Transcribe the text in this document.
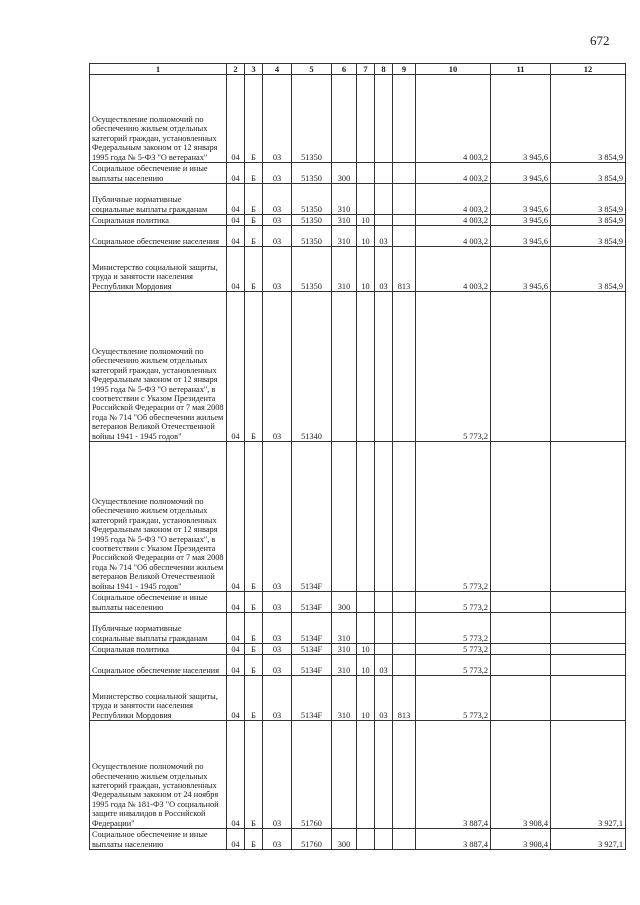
672
1	2	3	4	5	6	7	8	9	10	11	12
Осуществление полномочий по обеспечению жильем отдельных категорий граждан, установленных Федеральным законом от 12 января 1995 года № 5-ФЗ "О ветеранах"	04	Б	03	51350					4 003,2	3 945,6	3 854,9
Социальное обеспечение и иные выплаты населению	04	Б	03	51350	300				4 003,2	3 945,6	3 854,9
Публичные нормативные социальные выплаты гражданам	04	Б	03	51350	310				4 003,2	3 945,6	3 854,9
Социальная политика	04	Б	03	51350	310	10			4 003,2	3 945,6	3 854,9
Социальное обеспечение населения	04	Б	03	51350	310	10	03		4 003,2	3 945,6	3 854,9
Министерство социальной защиты, труда и занятости населения Республики Мордовия	04	Б	03	51350	310	10	03	813	4 003,2	3 945,6	3 854,9
Осуществление полномочий по обеспечению жильем отдельных категорий граждан, установленных Федеральным законом от 12 января 1995 года № 5-ФЗ "О ветеранах", в соответствии с Указом Президента Российской Федерации от 7 мая 2008 года № 714 "Об обеспечении жильем ветеранов Великой Отечественной войны 1941 - 1945 годов"	04	Б	03	51340					5 773,2		
Осуществление полномочий по обеспечению жильем отдельных категорий граждан, установленных Федеральным законом от 12 января 1995 года № 5-ФЗ "О ветеранах", в соответствии с Указом Президента Российской Федерации от 7 мая 2008 года № 714 "Об обеспечении жильем ветеранов Великой Отечественной войны 1941 - 1945 годов"	04	Б	03	5134F					5 773,2		
Социальное обеспечение и иные выплаты населению	04	Б	03	5134F	300				5 773,2		
Публичные нормативные социальные выплаты гражданам	04	Б	03	5134F	310				5 773,2		
Социальная политика	04	Б	03	5134F	310	10			5 773,2		
Социальное обеспечение населения	04	Б	03	5134F	310	10	03		5 773,2		
Министерство социальной защиты, труда и занятости населения Республики Мордовия	04	Б	03	5134F	310	10	03	813	5 773,2		
Осуществление полномочий по обеспечению жильем отдельных категорий граждан, установленных Федеральным законом от 24 ноября 1995 года № 181-ФЗ "О социальной защите инвалидов в Российской Федерации"	04	Б	03	51760					3 887,4	3 908,4	3 927,1
Социальное обеспечение и иные выплаты населению	04	Б	03	51760	300				3 887,4	3 908,4	3 927,1
